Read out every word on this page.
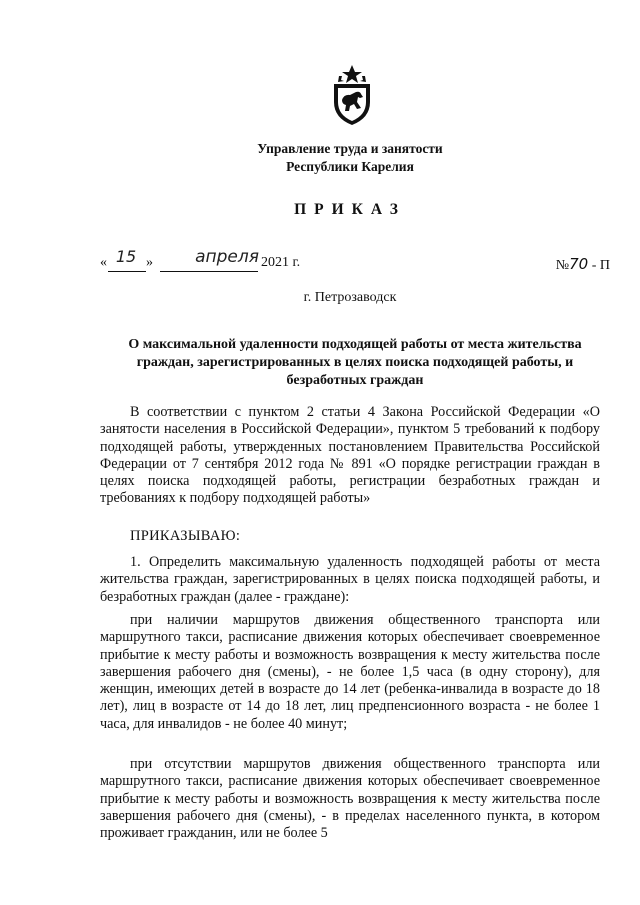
Управление труда и занятости
Республики Карелия
ПРИКАЗ
« 15 »	апреля 2021 г.	№70 - П
г. Петрозаводск
О максимальной удаленности подходящей работы от места жительства граждан, зарегистрированных в целях поиска подходящей работы, и безработных граждан
В соответствии с пунктом 2 статьи 4 Закона Российской Федерации «О занятости населения в Российской Федерации», пунктом 5 требований к подбору подходящей работы, утвержденных постановлением Правительства Российской Федерации от 7 сентября 2012 года № 891 «О порядке регистрации граждан в целях поиска подходящей работы, регистрации безработных граждан и требованиях к подбору подходящей работы»
ПРИКАЗЫВАЮ:
1. Определить максимальную удаленность подходящей работы от места жительства граждан, зарегистрированных в целях поиска подходящей работы, и безработных граждан (далее - граждане):
при наличии маршрутов движения общественного транспорта или маршрутного такси, расписание движения которых обеспечивает своевременное прибытие к месту работы и возможность возвращения к месту жительства после завершения рабочего дня (смены), - не более 1,5 часа (в одну сторону), для женщин, имеющих детей в возрасте до 14 лет (ребенка-инвалида в возрасте до 18 лет), лиц в возрасте от 14 до 18 лет, лиц предпенсионного возраста - не более 1 часа, для инвалидов - не более 40 минут;
при отсутствии маршрутов движения общественного транспорта или маршрутного такси, расписание движения которых обеспечивает своевременное прибытие к месту работы и возможность возвращения к месту жительства после завершения рабочего дня (смены), - в пределах населенного пункта, в котором проживает гражданин, или не более 5
